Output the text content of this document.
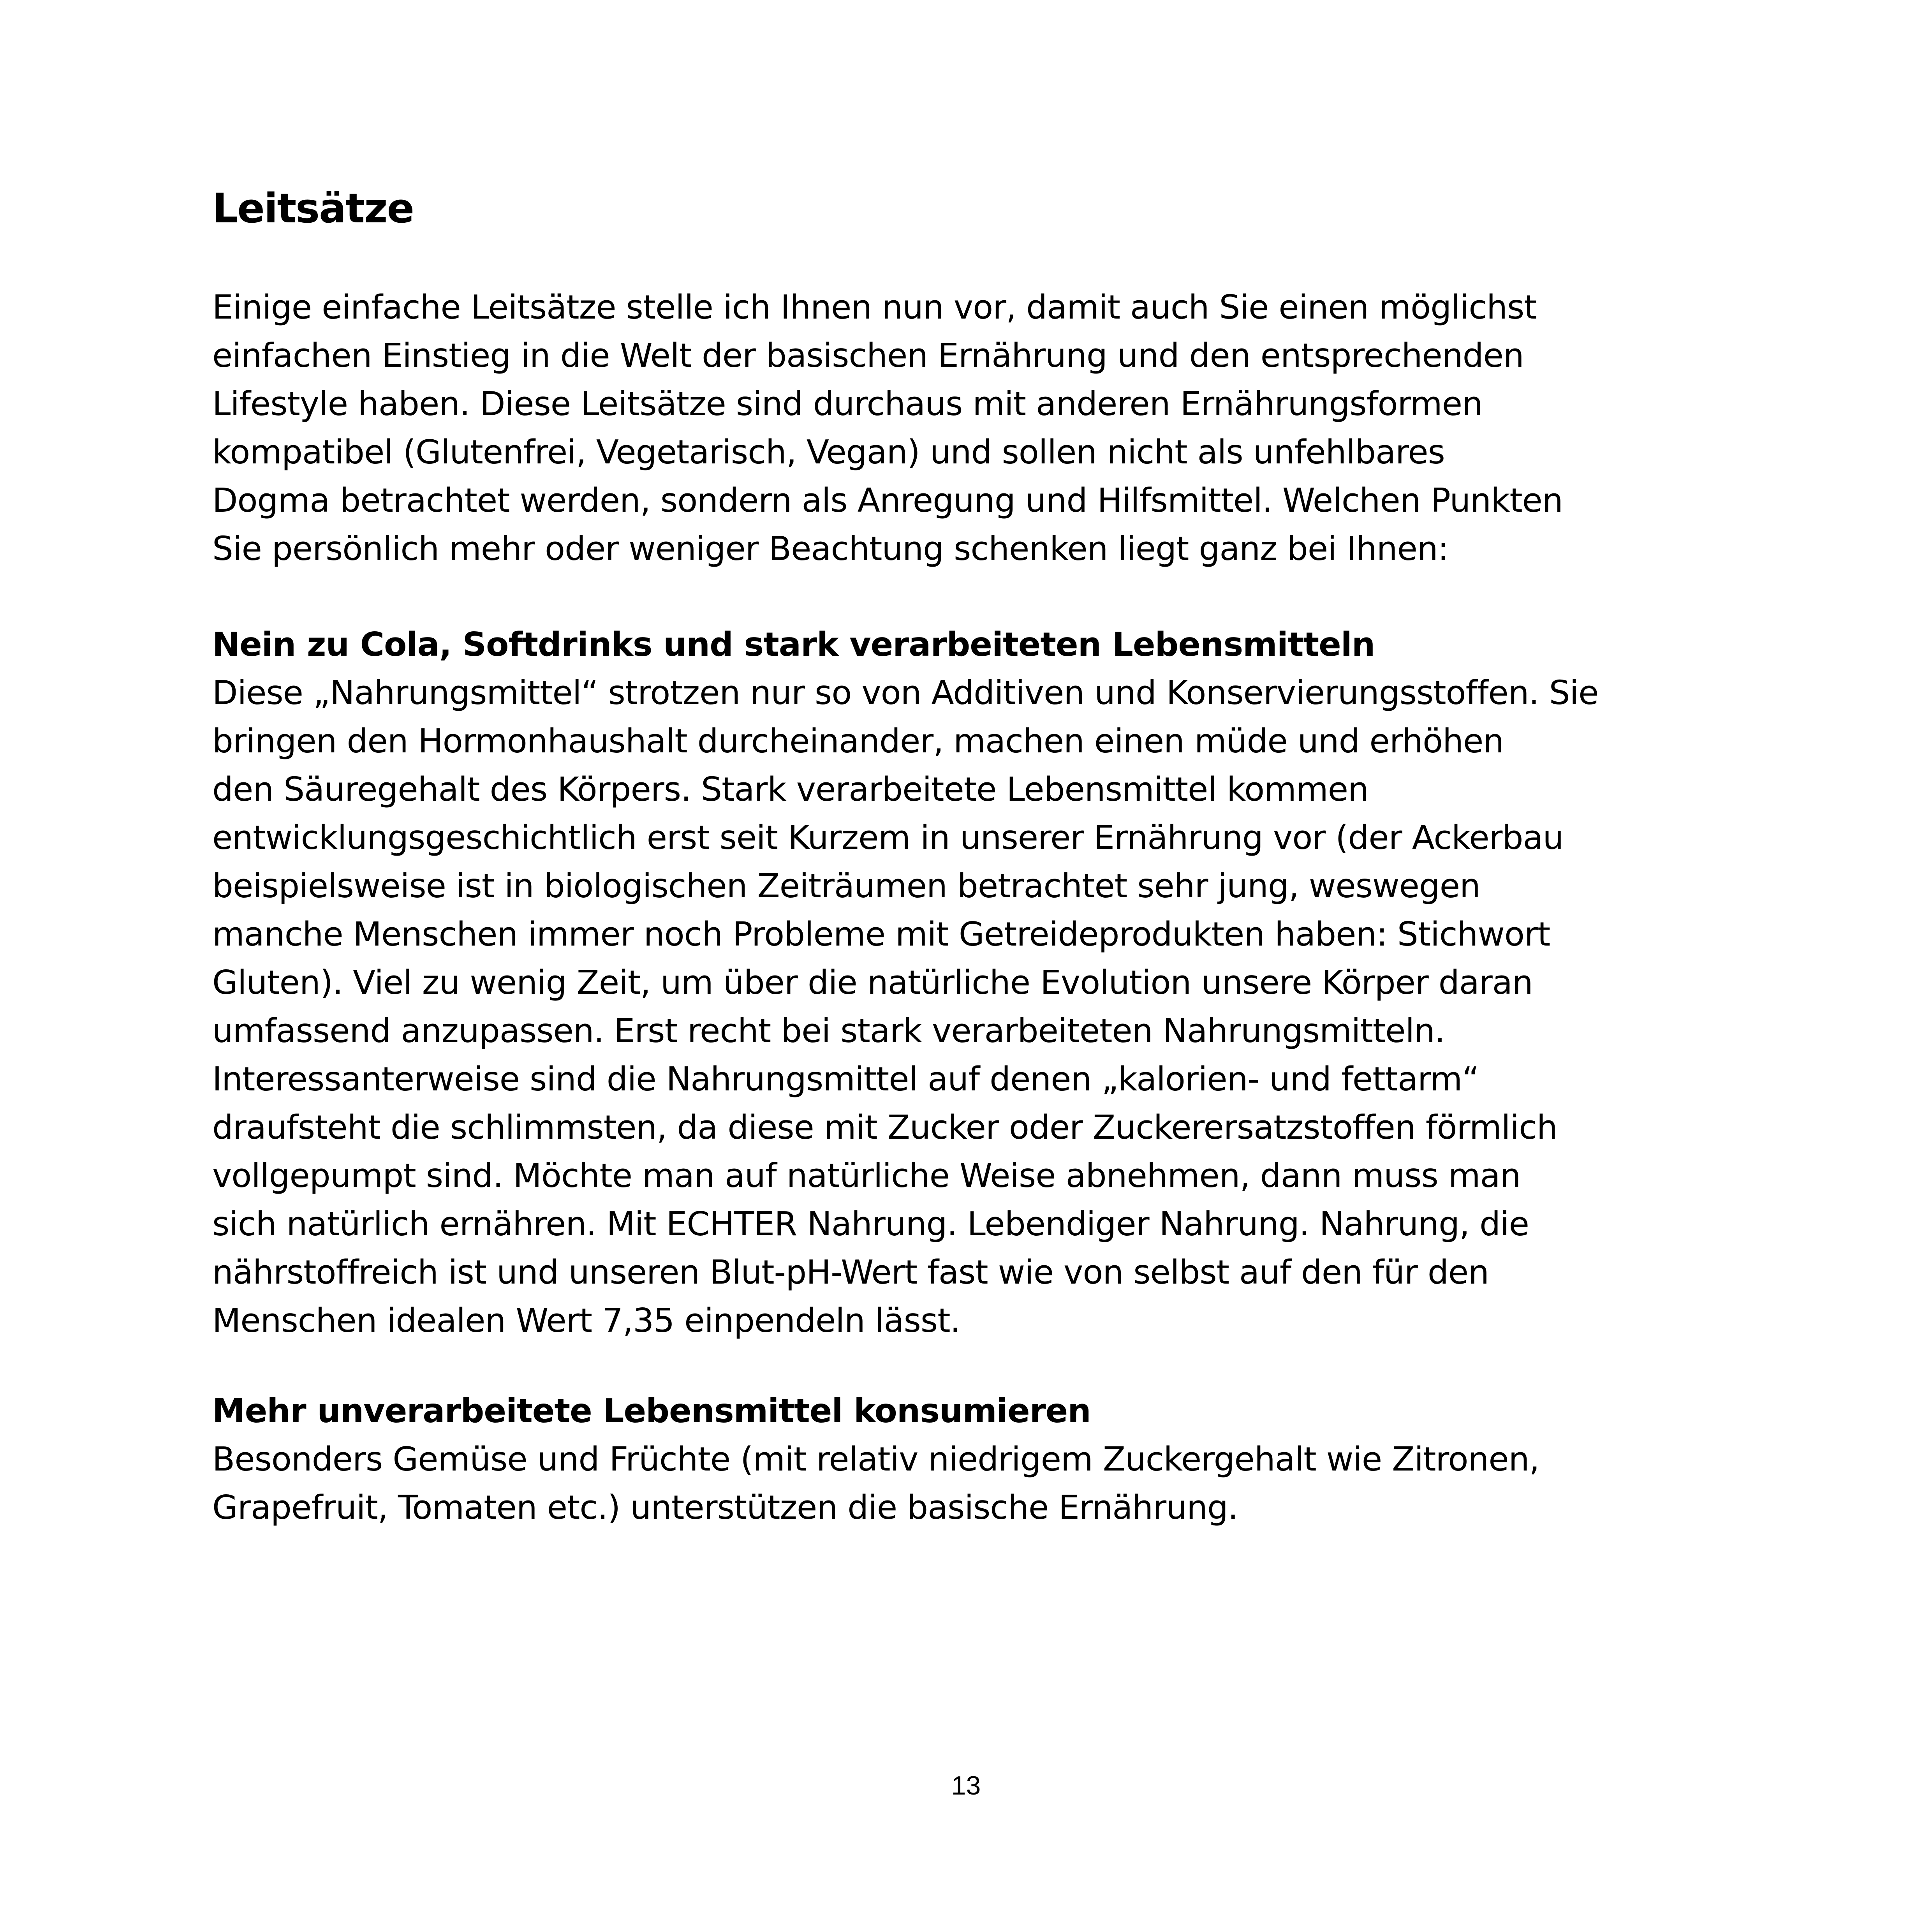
Leitsätze
Einige einfache Leitsätze stelle ich Ihnen nun vor, damit auch Sie einen möglichst
einfachen Einstieg in die Welt der basischen Ernährung und den entsprechenden
Lifestyle haben. Diese Leitsätze sind durchaus mit anderen Ernährungsformen
kompatibel (Glutenfrei, Vegetarisch, Vegan) und sollen nicht als unfehlbares
Dogma betrachtet werden, sondern als Anregung und Hilfsmittel. Welchen Punkten
Sie persönlich mehr oder weniger Beachtung schenken liegt ganz bei Ihnen:
Nein zu Cola, Softdrinks und stark verarbeiteten Lebensmitteln
Diese „Nahrungsmittel“ strotzen nur so von Additiven und Konservierungsstoffen. Sie
bringen den Hormonhaushalt durcheinander, machen einen müde und erhöhen
den Säuregehalt des Körpers. Stark verarbeitete Lebensmittel kommen
entwicklungsgeschichtlich erst seit Kurzem in unserer Ernährung vor (der Ackerbau
beispielsweise ist in biologischen Zeiträumen betrachtet sehr jung, weswegen
manche Menschen immer noch Probleme mit Getreideprodukten haben: Stichwort
Gluten). Viel zu wenig Zeit, um über die natürliche Evolution unsere Körper daran
umfassend anzupassen. Erst recht bei stark verarbeiteten Nahrungsmitteln.
Interessanterweise sind die Nahrungsmittel auf denen „kalorien- und fettarm“
draufsteht die schlimmsten, da diese mit Zucker oder Zuckerersatzstoffen förmlich
vollgepumpt sind. Möchte man auf natürliche Weise abnehmen, dann muss man
sich natürlich ernähren. Mit ECHTER Nahrung. Lebendiger Nahrung. Nahrung, die
nährstoffreich ist und unseren Blut-pH-Wert fast wie von selbst auf den für den
Menschen idealen Wert 7,35 einpendeln lässt.
Mehr unverarbeitete Lebensmittel konsumieren
Besonders Gemüse und Früchte (mit relativ niedrigem Zuckergehalt wie Zitronen,
Grapefruit, Tomaten etc.) unterstützen die basische Ernährung.

13
